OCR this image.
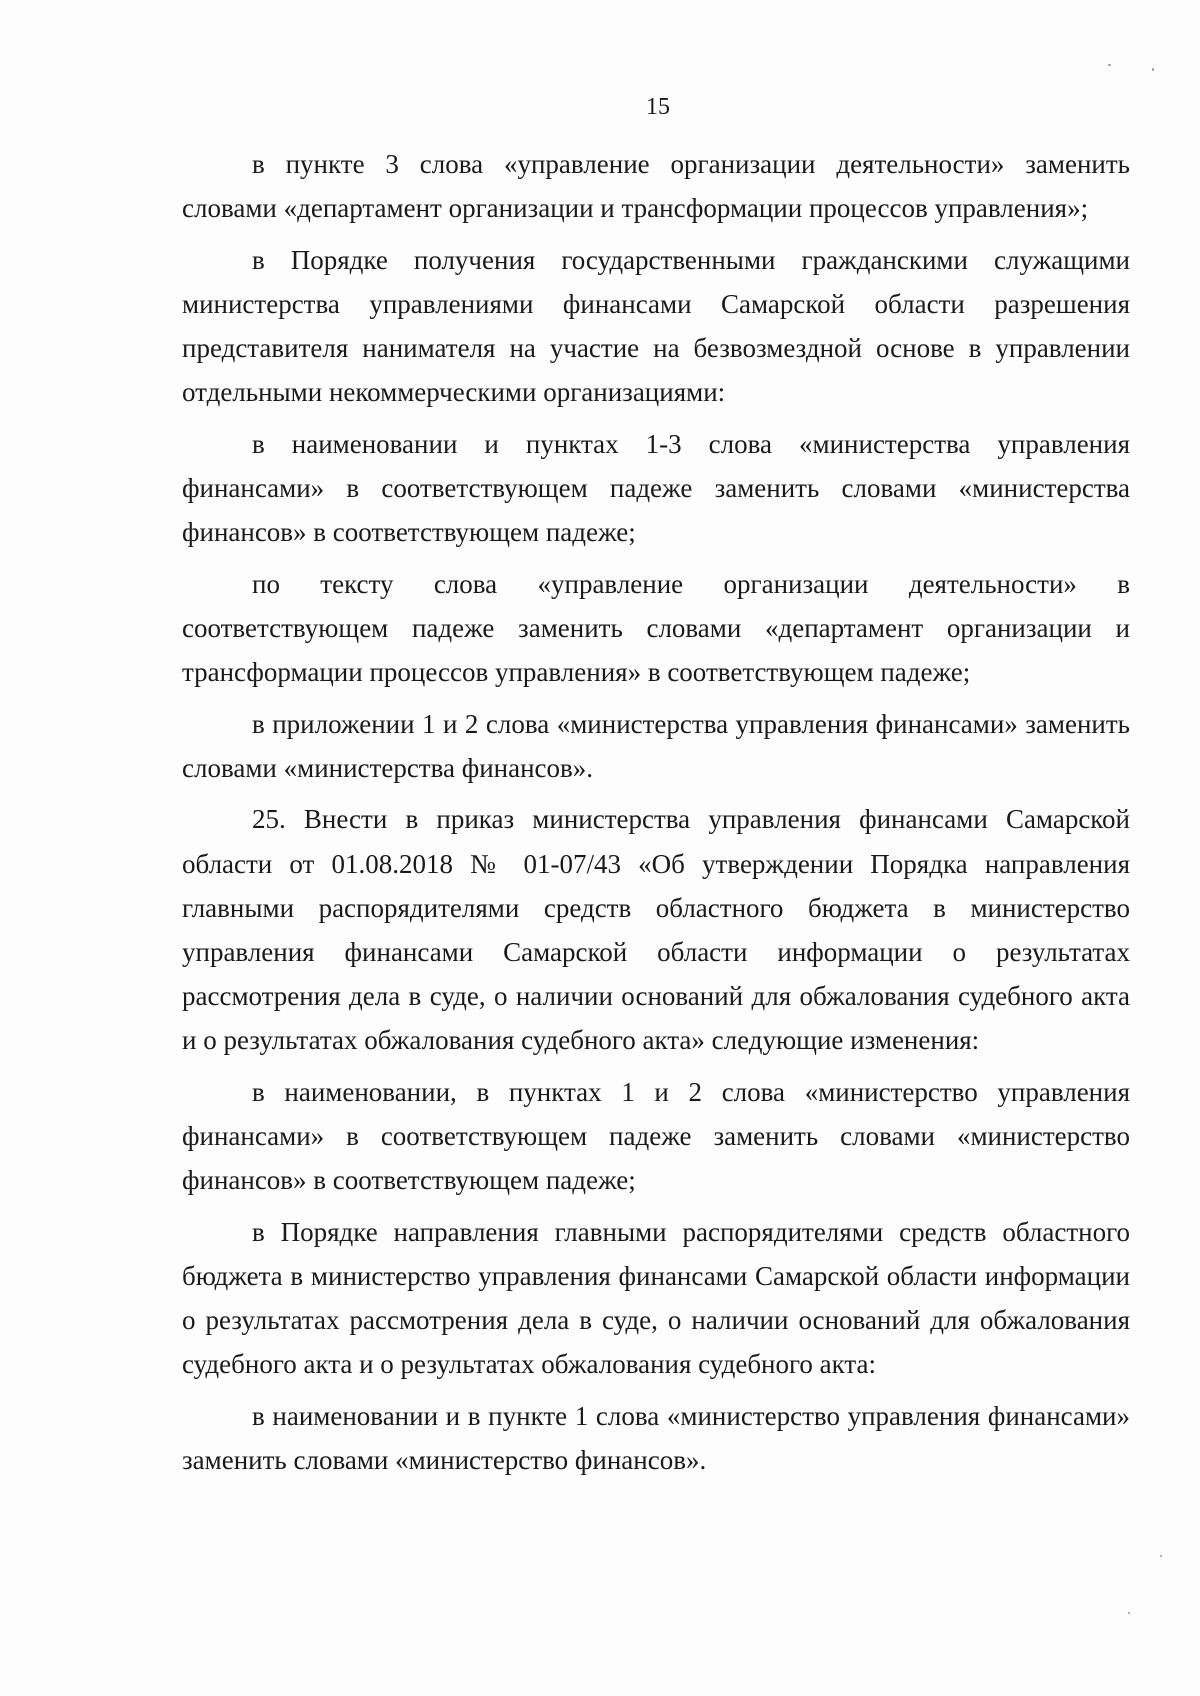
15

в пункте 3 слова «управление организации деятельности» заменить словами «департамент организации и трансформации процессов управления»;

в Порядке получения государственными гражданскими служащими министерства управлениями финансами Самарской области разрешения представителя нанимателя на участие на безвозмездной основе в управлении отдельными некоммерческими организациями:

в наименовании и пунктах 1-3 слова «министерства управления финансами» в соответствующем падеже заменить словами «министерства финансов» в соответствующем падеже;

по тексту слова «управление организации деятельности» в соответствующем падеже заменить словами «департамент организации и трансформации процессов управления» в соответствующем падеже;

в приложении 1 и 2 слова «министерства управления финансами» заменить словами «министерства финансов».

25. Внести в приказ министерства управления финансами Самарской области от 01.08.2018 № 01-07/43 «Об утверждении Порядка направления главными распорядителями средств областного бюджета в министерство управления финансами Самарской области информации о результатах рассмотрения дела в суде, о наличии оснований для обжалования судебного акта и о результатах обжалования судебного акта» следующие изменения:

в наименовании, в пунктах 1 и 2 слова «министерство управления финансами» в соответствующем падеже заменить словами «министерство финансов» в соответствующем падеже;

в Порядке направления главными распорядителями средств областного бюджета в министерство управления финансами Самарской области информации о результатах рассмотрения дела в суде, о наличии оснований для обжалования судебного акта и о результатах обжалования судебного акта:

в наименовании и в пункте 1 слова «министерство управления финансами» заменить словами «министерство финансов».
